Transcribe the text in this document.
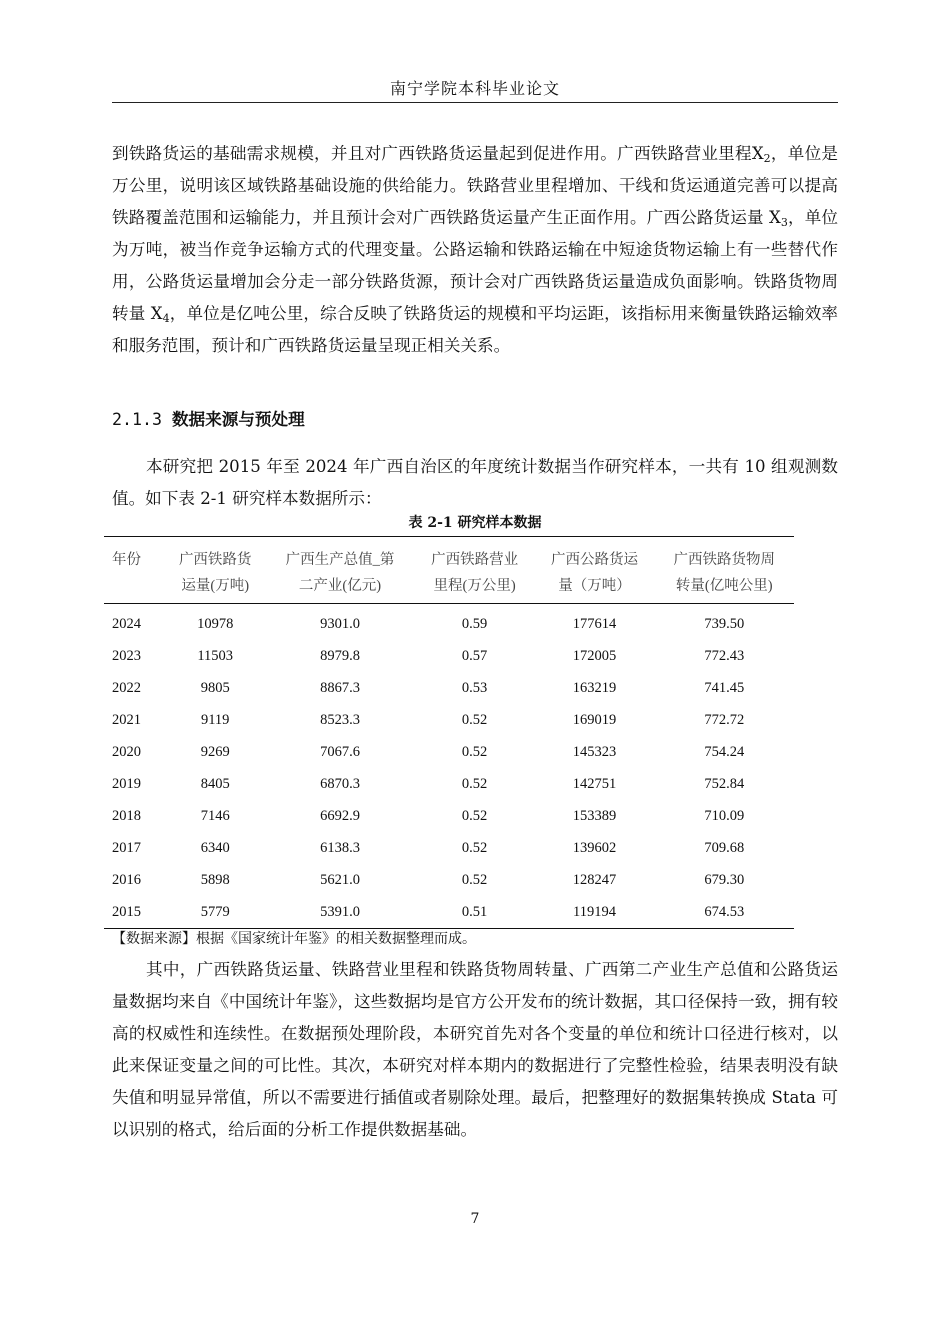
南宁学院本科毕业论文

到铁路货运的基础需求规模，并且对广西铁路货运量起到促进作用。广西铁路营业里程$X_2$，单位是万公里，说明该区域铁路基础设施的供给能力。铁路营业里程增加、干线和货运通道完善可以提高铁路覆盖范围和运输能力，并且预计会对广西铁路货运量产生正面作用。广西公路货运量 $X_3$，单位为万吨，被当作竞争运输方式的代理变量。公路运输和铁路运输在中短途货物运输上有一些替代作用，公路货运量增加会分走一部分铁路货源，预计会对广西铁路货运量造成负面影响。铁路货物周转量 $X_4$，单位是亿吨公里，综合反映了铁路货运的规模和平均运距，该指标用来衡量铁路运输效率和服务范围，预计和广西铁路货运量呈现正相关关系。

2.1.3 数据来源与预处理

本研究把 2015 年至 2024 年广西自治区的年度统计数据当作研究样本，一共有 10 组观测数值。如下表 2-1 研究样本数据所示：

表 2-1 研究样本数据
年份	广西铁路货	广西生产总值_第	广西铁路营业	广西公路货运	广西铁路货物周
	运量(万吨)	二产业(亿元)	里程(万公里)	量（万吨）	转量(亿吨公里)
2024	10978	9301.0	0.59	177614	739.50
2023	11503	8979.8	0.57	172005	772.43
2022	9805	8867.3	0.53	163219	741.45
2021	9119	8523.3	0.52	169019	772.72
2020	9269	7067.6	0.52	145323	754.24
2019	8405	6870.3	0.52	142751	752.84
2018	7146	6692.9	0.52	153389	710.09
2017	6340	6138.3	0.52	139602	709.68
2016	5898	5621.0	0.52	128247	679.30
2015	5779	5391.0	0.51	119194	674.53
【数据来源】根据《国家统计年鉴》的相关数据整理而成。

其中，广西铁路货运量、铁路营业里程和铁路货物周转量、广西第二产业生产总值和公路货运量数据均来自《中国统计年鉴》，这些数据均是官方公开发布的统计数据，其口径保持一致，拥有较高的权威性和连续性。在数据预处理阶段，本研究首先对各个变量的单位和统计口径进行核对，以此来保证变量之间的可比性。其次，本研究对样本期内的数据进行了完整性检验，结果表明没有缺失值和明显异常值，所以不需要进行插值或者剔除处理。最后，把整理好的数据集转换成 Stata 可以识别的格式，给后面的分析工作提供数据基础。

7
